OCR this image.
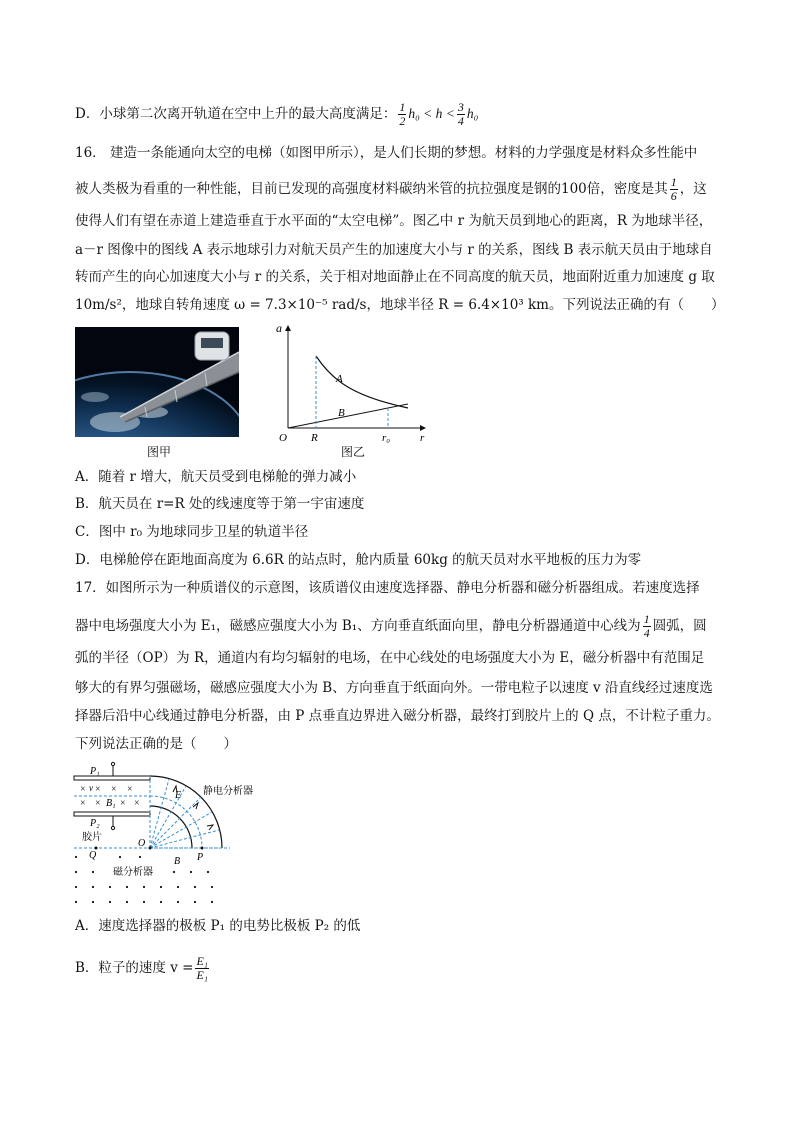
D．小球第二次离开轨道在空中上升的最大高度满足： $\frac{1}{2} h_0 < h < \frac{3}{4} h_0$
16． 建造一条能通向太空的电梯（如图甲所示），是人们长期的梦想。材料的力学强度是材料众多性能中
被人类极为看重的一种性能，目前已发现的高强度材料碳纳米管的抗拉强度是钢的100倍，密度是其 $\frac{1}{6}$ ，这
使得人们有望在赤道上建造垂直于水平面的“太空电梯”。图乙中 r 为航天员到地心的距离，R 为地球半径，
a－r 图像中的图线 A 表示地球引力对航天员产生的加速度大小与 r 的关系，图线 B 表示航天员由于地球自
转而产生的向心加速度大小与 r 的关系，关于相对地面静止在不同高度的航天员，地面附近重力加速度 g 取
10m/s²，地球自转角速度 ω = 7.3×10⁻⁵ rad/s，地球半径 R = 6.4×10³ km。下列说法正确的有（　　）
图甲
a
A
B
O R	r₀	r
图乙
A．随着 r 增大，航天员受到电梯舱的弹力减小
B．航天员在 r=R 处的线速度等于第一宇宙速度
C．图中 r₀ 为地球同步卫星的轨道半径
D．电梯舱停在距地面高度为 6.6R 的站点时，舱内质量 60kg 的航天员对水平地板的压力为零
17．如图所示为一种质谱仪的示意图，该质谱仪由速度选择器、静电分析器和磁分析器组成。若速度选择
器中电场强度大小为 E₁，磁感应强度大小为 B₁、方向垂直纸面向里，静电分析器通道中心线为 $\frac{1}{4}$ 圆弧，圆
弧的半径（OP）为 R，通道内有均匀辐射的电场，在中心线处的电场强度大小为 E，磁分析器中有范围足
够大的有界匀强磁场，磁感应强度大小为 B、方向垂直于纸面向外。一带电粒子以速度 v 沿直线经过速度选
择器后沿中心线通过静电分析器，由 P 点垂直边界进入磁分析器，最终打到胶片上的 Q 点，不计粒子重力。
下列说法正确的是（　　）
P₁
× × × ×
× × × ×
v
B₁
P₂
胶片
E 静电分析器
O
P
Q
磁分析器
B
A．速度选择器的极板 P₁ 的电势比极板 P₂ 的低
B．粒子的速度 $v = \frac{\text{E₁}}{\text{E₁}}$
